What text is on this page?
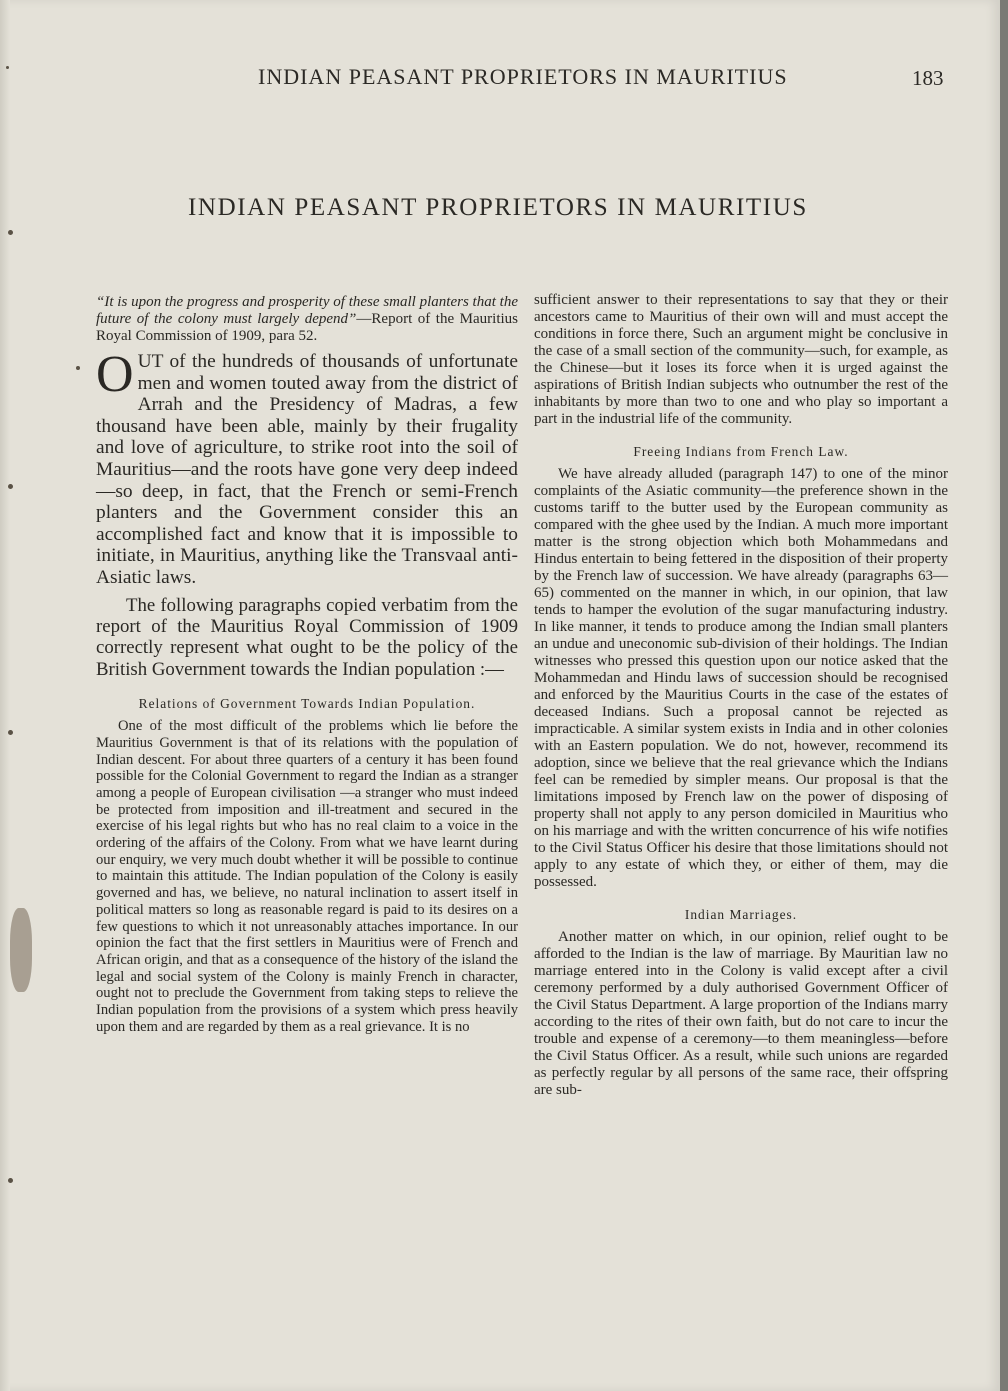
INDIAN PEASANT PROPRIETORS IN MAURITIUS	183
INDIAN PEASANT PROPRIETORS IN MAURITIUS

“It is upon the progress and prosperity of these small planters that the future of the colony must largely depend”—Report of the Mauritius Royal Commission of 1909, para 52.

OUT of the hundreds of thousands of unfortunate men and women touted away from the district of Arrah and the Presidency of Madras, a few thousand have been able, mainly by their frugality and love of agriculture, to strike root into the soil of Mauritius—and the roots have gone very deep indeed—so deep, in fact, that the French or semi-French planters and the Government consider this an accomplished fact and know that it is impossible to initiate, in Mauritius, anything like the Transvaal anti-Asiatic laws.

The following paragraphs copied verbatim from the report of the Mauritius Royal Commission of 1909 correctly represent what ought to be the policy of the British Government towards the Indian population :—

Relations of Government Towards Indian Population.

One of the most difficult of the problems which lie before the Mauritius Government is that of its relations with the population of Indian descent. For about three quarters of a century it has been found possible for the Colonial Government to regard the Indian as a stranger among a people of European civilisation —a stranger who must indeed be protected from imposition and ill-treatment and secured in the exercise of his legal rights but who has no real claim to a voice in the ordering of the affairs of the Colony. From what we have learnt during our enquiry, we very much doubt whether it will be possible to continue to maintain this attitude. The Indian population of the Colony is easily governed and has, we believe, no natural inclination to assert itself in political matters so long as reasonable regard is paid to its desires on a few questions to which it not unreasonably attaches importance. In our opinion the fact that the first settlers in Mauritius were of French and African origin, and that as a consequence of the history of the island the legal and social system of the Colony is mainly French in character, ought not to preclude the Government from taking steps to relieve the Indian population from the provisions of a system which press heavily upon them and are regarded by them as a real grievance. It is no

sufficient answer to their representations to say that they or their ancestors came to Mauritius of their own will and must accept the conditions in force there, Such an argument might be conclusive in the case of a small section of the community—such, for example, as the Chinese—but it loses its force when it is urged against the aspirations of British Indian subjects who outnumber the rest of the inhabitants by more than two to one and who play so important a part in the industrial life of the community.

Freeing Indians from French Law.

We have already alluded (paragraph 147) to one of the minor complaints of the Asiatic community—the preference shown in the customs tariff to the butter used by the European community as compared with the ghee used by the Indian. A much more important matter is the strong objection which both Mohammedans and Hindus entertain to being fettered in the disposition of their property by the French law of succession. We have already (paragraphs 63—65) commented on the manner in which, in our opinion, that law tends to hamper the evolution of the sugar manufacturing industry. In like manner, it tends to produce among the Indian small planters an undue and uneconomic sub-division of their holdings. The Indian witnesses who pressed this question upon our notice asked that the Mohammedan and Hindu laws of succession should be recognised and enforced by the Mauritius Courts in the case of the estates of deceased Indians. Such a proposal cannot be rejected as impracticable. A similar system exists in India and in other colonies with an Eastern population. We do not, however, recommend its adoption, since we believe that the real grievance which the Indians feel can be remedied by simpler means. Our proposal is that the limitations imposed by French law on the power of disposing of property shall not apply to any person domiciled in Mauritius who on his marriage and with the written concurrence of his wife notifies to the Civil Status Officer his desire that those limitations should not apply to any estate of which they, or either of them, may die possessed.

Indian Marriages.

Another matter on which, in our opinion, relief ought to be afforded to the Indian is the law of marriage. By Mauritian law no marriage entered into in the Colony is valid except after a civil ceremony performed by a duly authorised Government Officer of the Civil Status Department. A large proportion of the Indians marry according to the rites of their own faith, but do not care to incur the trouble and expense of a ceremony—to them meaningless—before the Civil Status Officer. As a result, while such unions are regarded as perfectly regular by all persons of the same race, their offspring are sub-
